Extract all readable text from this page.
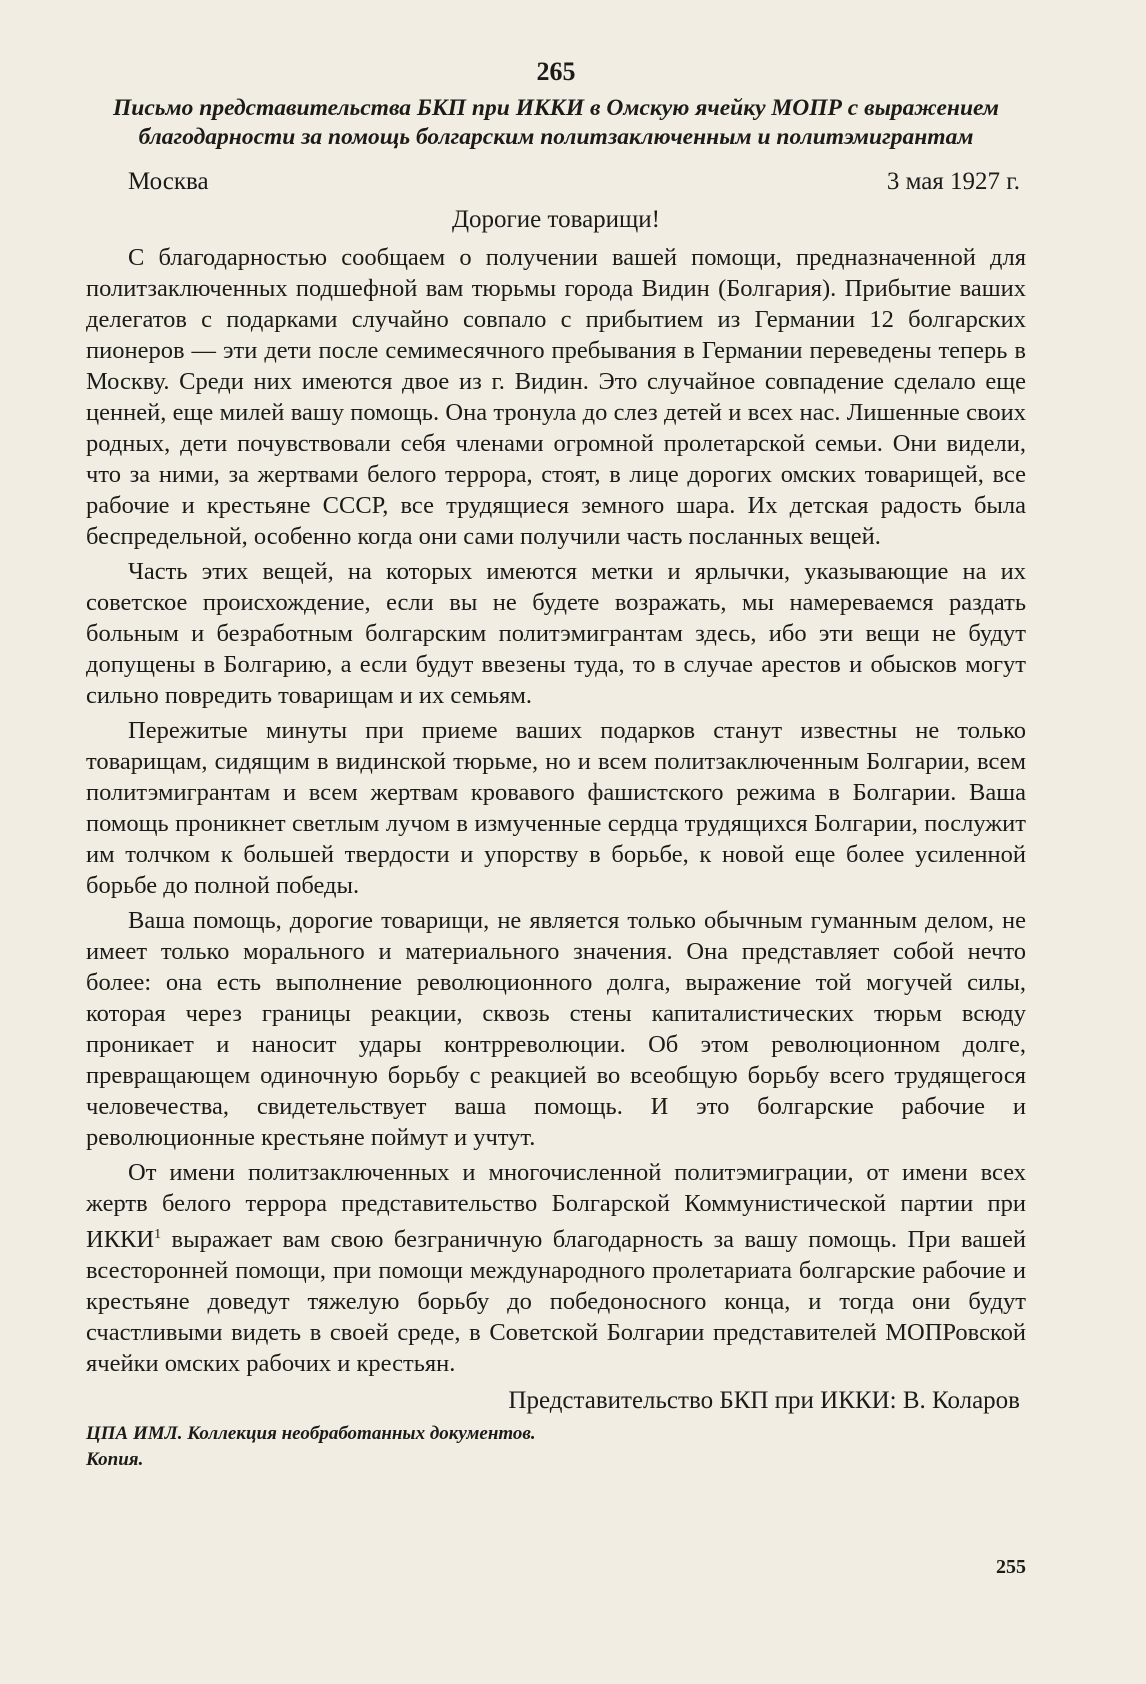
265
Письмо представительства БКП при ИККИ в Омскую ячейку МОПР с выражением благодарности за помощь болгарским политзаключенным и политэмигрантам
Москва	3 мая 1927 г.
Дорогие товарищи!

С благодарностью сообщаем о получении вашей помощи, предназначенной для политзаключенных подшефной вам тюрьмы города Видин (Болгария). Прибытие ваших делегатов с подарками случайно совпало с прибытием из Германии 12 болгарских пионеров — эти дети после семимесячного пребывания в Германии переведены теперь в Москву. Среди них имеются двое из г. Видин. Это случайное совпадение сделало еще ценней, еще милей вашу помощь. Она тронула до слез детей и всех нас. Лишенные своих родных, дети почувствовали себя членами огромной пролетарской семьи. Они видели, что за ними, за жертвами белого террора, стоят, в лице дорогих омских товарищей, все рабочие и крестьяне СССР, все трудящиеся земного шара. Их детская радость была беспредельной, особенно когда они сами получили часть посланных вещей.

Часть этих вещей, на которых имеются метки и ярлычки, указывающие на их советское происхождение, если вы не будете возражать, мы намереваемся раздать больным и безработным болгарским политэмигрантам здесь, ибо эти вещи не будут допущены в Болгарию, а если будут ввезены туда, то в случае арестов и обысков могут сильно повредить товарищам и их семьям.

Пережитые минуты при приеме ваших подарков станут известны не только товарищам, сидящим в видинской тюрьме, но и всем политзаключенным Болгарии, всем политэмигрантам и всем жертвам кровавого фашистского режима в Болгарии. Ваша помощь проникнет светлым лучом в измученные сердца трудящихся Болгарии, послужит им толчком к большей твердости и упорству в борьбе, к новой еще более усиленной борьбе до полной победы.

Ваша помощь, дорогие товарищи, не является только обычным гуманным делом, не имеет только морального и материального значения. Она представляет собой нечто более: она есть выполнение революционного долга, выражение той могучей силы, которая через границы реакции, сквозь стены капиталистических тюрьм всюду проникает и наносит удары контрреволюции. Об этом революционном долге, превращающем одиночную борьбу с реакцией во всеобщую борьбу всего трудящегося человечества, свидетельствует ваша помощь. И это болгарские рабочие и революционные крестьяне поймут и учтут.

От имени политзаключенных и многочисленной политэмиграции, от имени всех жертв белого террора представительство Болгарской Коммунистической партии при ИККИ$^1$ выражает вам свою безграничную благодарность за вашу помощь. При вашей всесторонней помощи, при помощи международного пролетариата болгарские рабочие и крестьяне доведут тяжелую борьбу до победоносного конца, и тогда они будут счастливыми видеть в своей среде, в Советской Болгарии представителей МОПРовской ячейки омских рабочих и крестьян.

Представительство БКП при ИККИ: В. Коларов

ЦПА ИМЛ. Коллекция необработанных документов.

Копия.

255
